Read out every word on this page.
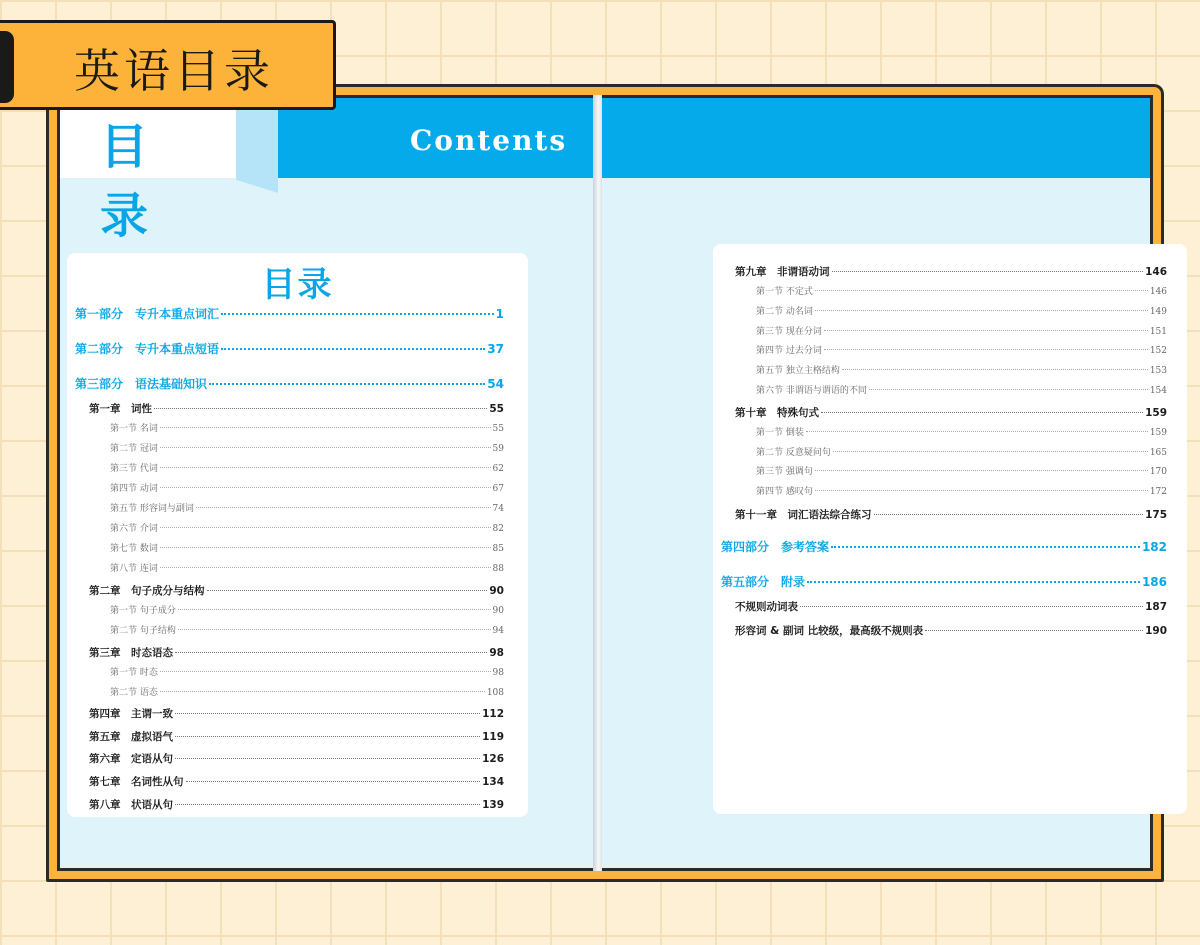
英语目录
目 录
Contents
目录
第一部分　专升本重点词汇	1
第二部分　专升本重点短语	37
第三部分　语法基础知识	54
第一章　词性	55
第一节 名词	55
第二节 冠词	59
第三节 代词	62
第四节 动词	67
第五节 形容词与副词	74
第六节 介词	82
第七节 数词	85
第八节 连词	88
第二章　句子成分与结构	90
第一节 句子成分	90
第二节 句子结构	94
第三章　时态语态	98
第一节 时态	98
第二节 语态	108
第四章　主谓一致	112
第五章　虚拟语气	119
第六章　定语从句	126
第七章　名词性从句	134
第八章　状语从句	139
第九章　非谓语动词	146
第一节 不定式	146
第二节 动名词	149
第三节 现在分词	151
第四节 过去分词	152
第五节 独立主格结构	153
第六节 非谓语与谓语的不同	154
第十章　特殊句式	159
第一节 倒装	159
第二节 反意疑问句	165
第三节 强调句	170
第四节 感叹句	172
第十一章　词汇语法综合练习	175
第四部分　参考答案	182
第五部分　附录	186
不规则动词表	187
形容词 & 副词 比较级，最高级不规则表	190
